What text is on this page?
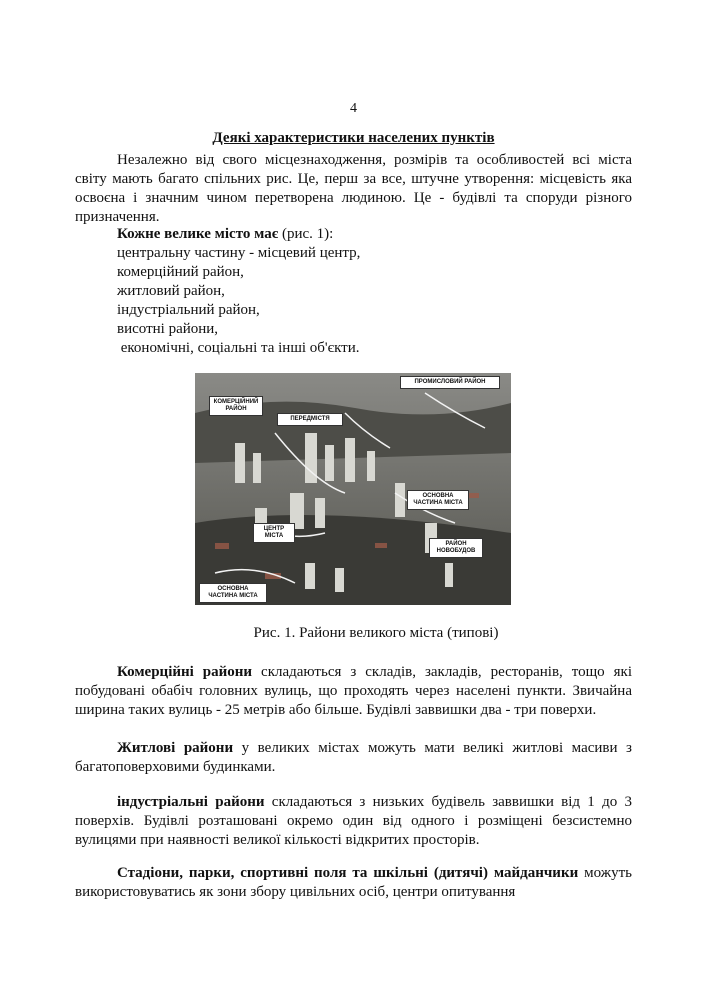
4
Деякі характеристики населених пунктів

Незалежно від свого місцезнаходження, розмірів та особливостей всі міста світу мають багато спільних рис. Це, перш за все, штучне утворення: місцевість яка освоєна і значним чином перетворена людиною. Це - будівлі та споруди різного призначення.

Кожне велике місто має (рис. 1):
центральну частину - місцевий центр,
комерційний район,
житловий район,
індустріальний район,
висотні райони,
економічні, соціальні та інші об'єкти.
КОМЕРЦІЙНИЙ РАЙОН
ПЕРЕДМІСТЯ
ПРОМИСЛОВИЙ РАЙОН
ОСНОВНА ЧАСТИНА МІСТА
ЦЕНТР МІСТА
РАЙОН НОВОБУДОВ
ОСНОВНА ЧАСТИНА МІСТА
Рис. 1. Райони великого міста (типові)

Комерційні райони складаються з складів, закладів, ресторанів, тощо які побудовані обабіч головних вулиць, що проходять через населені пункти. Звичайна ширина таких вулиць - 25 метрів або більше. Будівлі заввишки два - три поверхи.

Житлові райони у великих містах можуть мати великі житлові масиви з багатоповерховими будинками.

індустріальні райони складаються з низьких будівель заввишки від 1 до 3 поверхів. Будівлі розташовані окремо один від одного і розміщені безсистемно вулицями при наявності великої кількості відкритих просторів.

Стадіони, парки, спортивні поля та шкільні (дитячі) майданчики можуть використовуватись як зони збору цивільних осіб, центри опитування
